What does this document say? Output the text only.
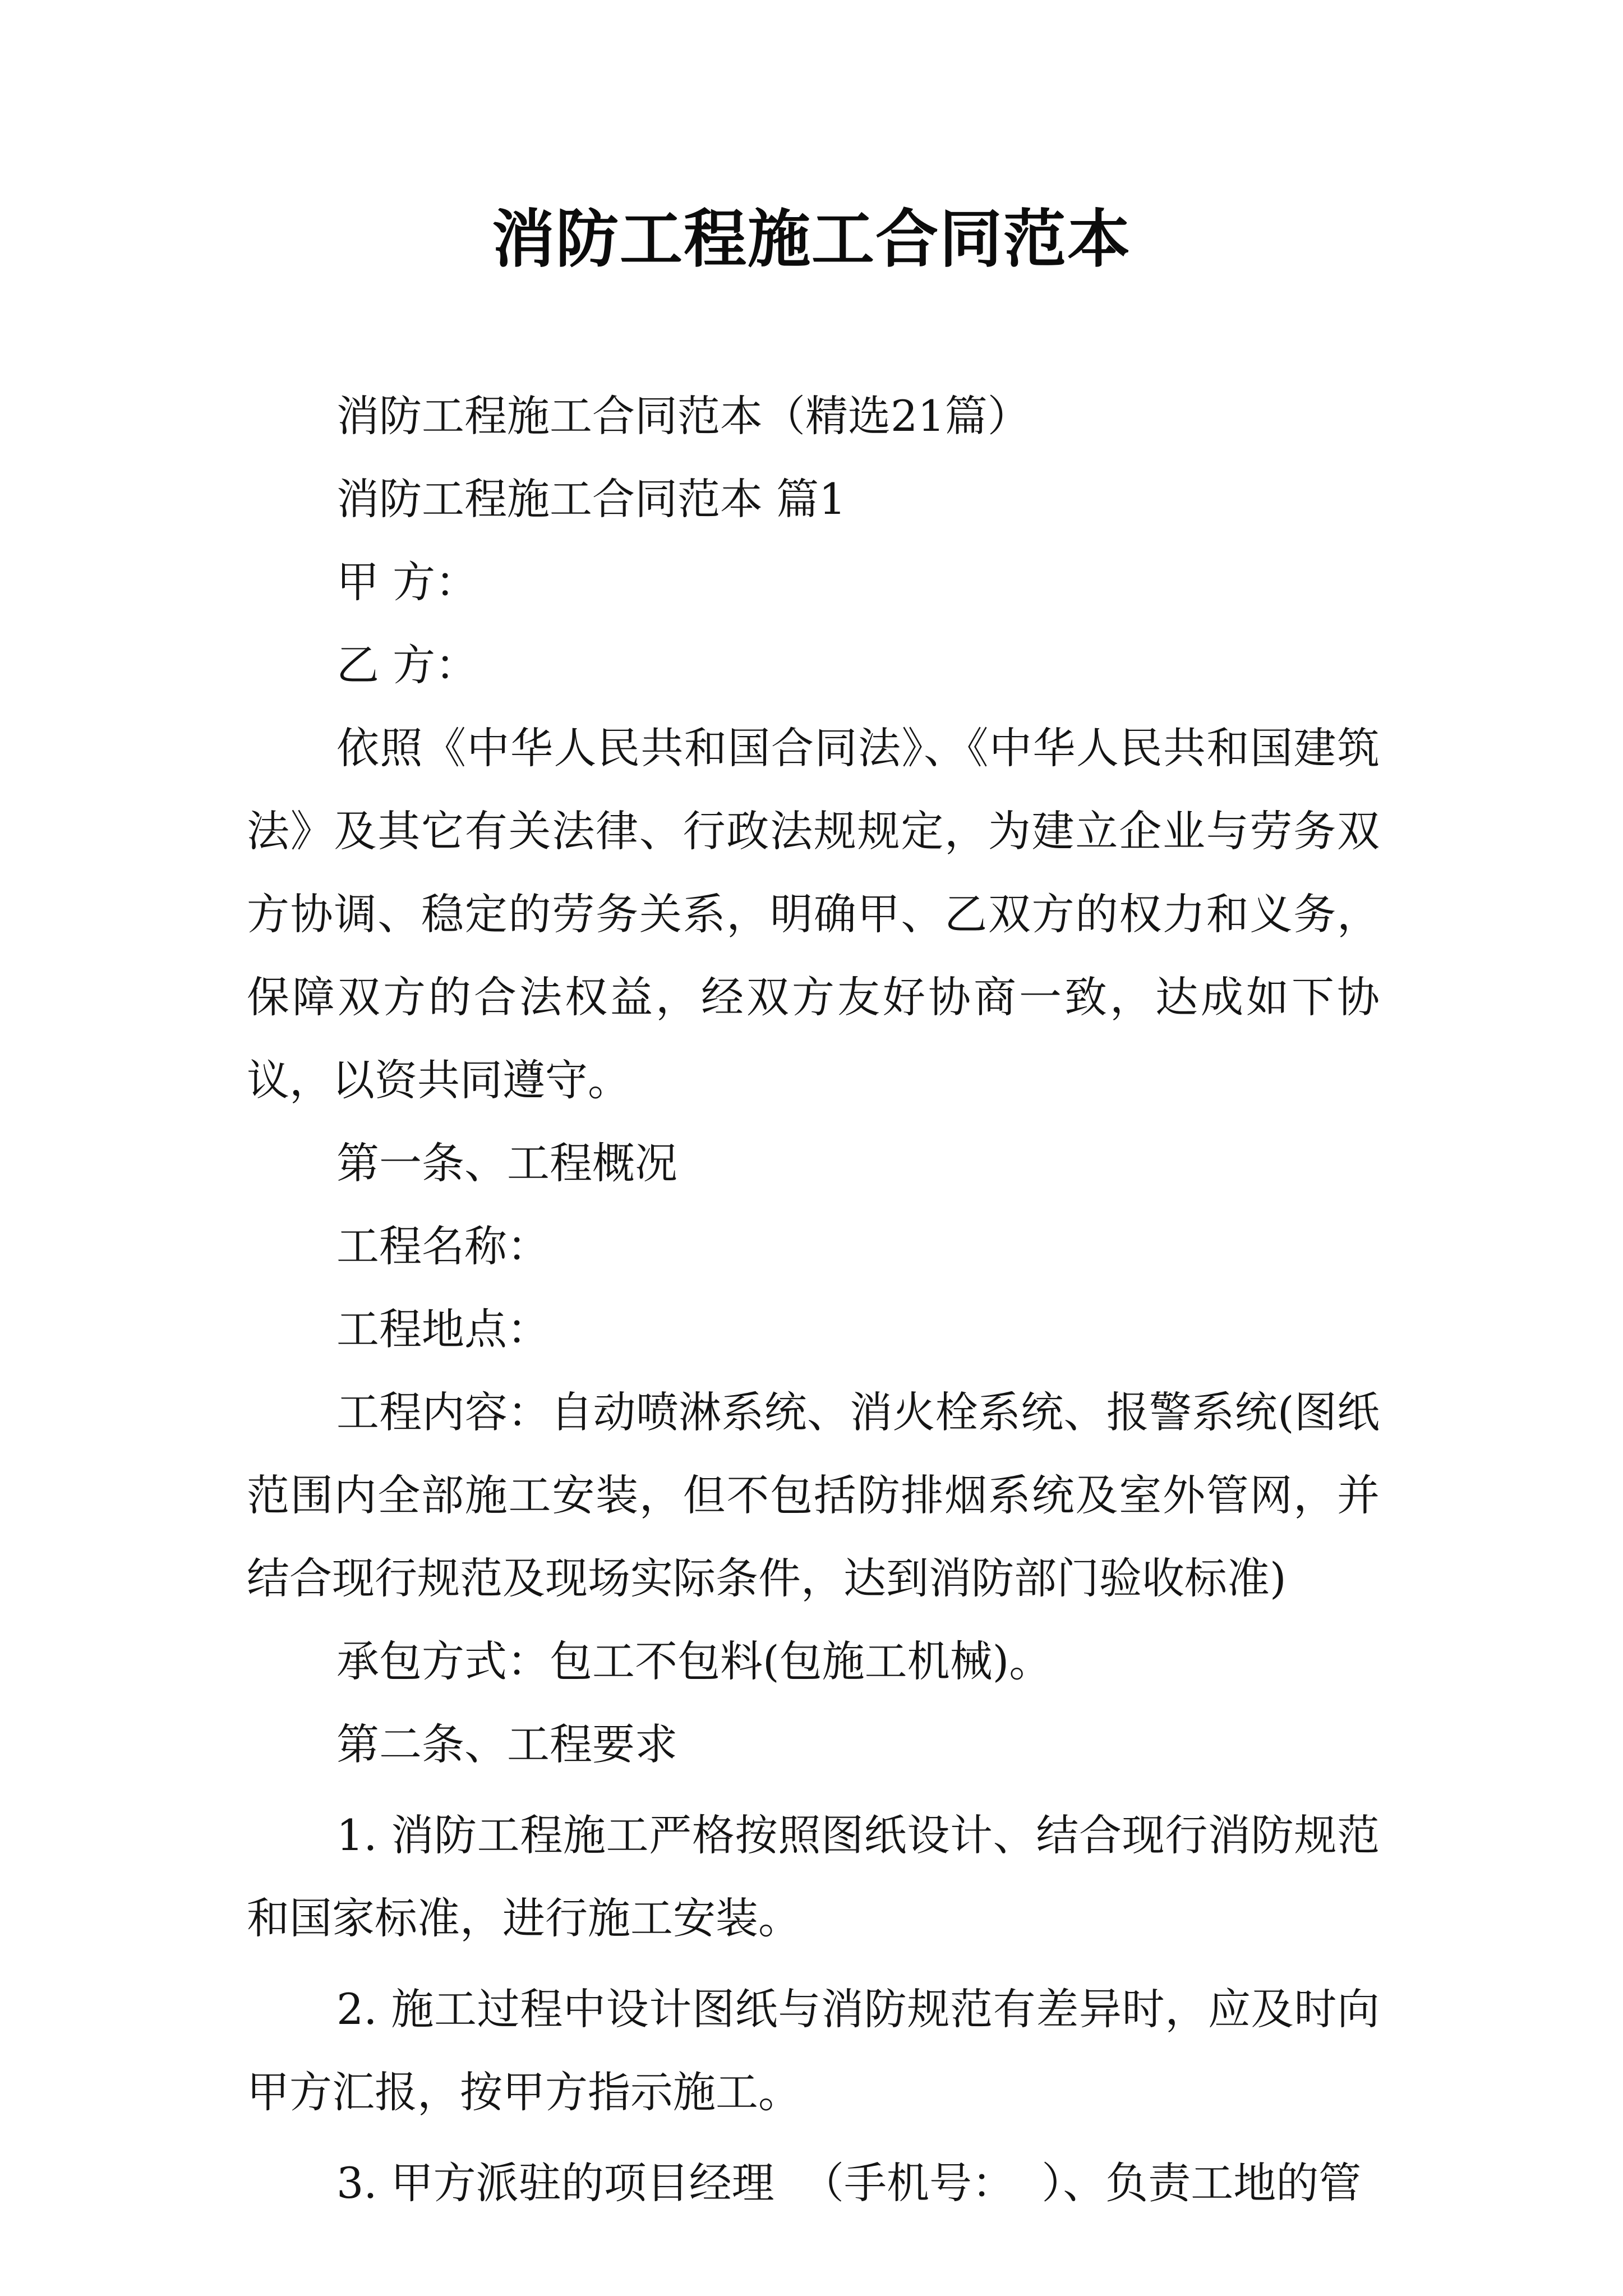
消防工程施工合同范本

消防工程施工合同范本（精选21篇）

消防工程施工合同范本 篇1

甲 方：

乙 方：

依照《中华人民共和国合同法》、《中华人民共和国建筑法》及其它有关法律、行政法规规定，为建立企业与劳务双方协调、稳定的劳务关系，明确甲、乙双方的权力和义务，保障双方的合法权益，经双方友好协商一致，达成如下协议，以资共同遵守。

第一条、工程概况

工程名称：

工程地点：

工程内容：自动喷淋系统、消火栓系统、报警系统(图纸范围内全部施工安装，但不包括防排烟系统及室外管网，并结合现行规范及现场实际条件，达到消防部门验收标准)

承包方式：包工不包料(包施工机械)。

第二条、工程要求

1. 消防工程施工严格按照图纸设计、结合现行消防规范和国家标准，进行施工安装。

2. 施工过程中设计图纸与消防规范有差异时，应及时向甲方汇报，按甲方指示施工。

3. 甲方派驻的项目经理  （手机号：  ）、负责工地的管
